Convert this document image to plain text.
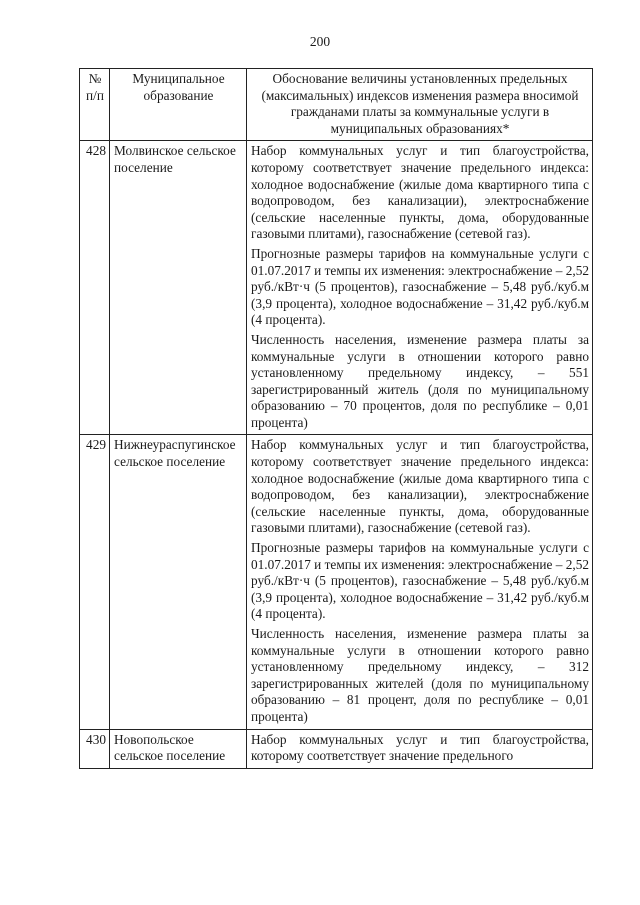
200
№
п/п	Муниципальное образование	Обоснование величины установленных предельных (максимальных) индексов изменения размера вносимой гражданами платы за коммунальные услуги в муниципальных образованиях*
428	Молвинское сельское поселение	Набор коммунальных услуг и тип благоустройства, которому соответствует значение предельного индекса: холодное водоснабжение (жилые дома квартирного типа с водопроводом, без канализации), электроснабжение (сельские населенные пункты, дома, оборудованные газовыми плитами), газоснабжение (сетевой газ).

Прогнозные размеры тарифов на коммунальные услуги с 01.07.2017 и темпы их изменения: электроснабжение – 2,52 руб./кВт·ч (5 процентов), газоснабжение – 5,48 руб./куб.м (3,9 процента), холодное водоснабжение – 31,42 руб./куб.м (4 процента).

Численность населения, изменение размера платы за коммунальные услуги в отношении которого равно установленному предельному индексу, – 551 зарегистрированный житель (доля по муниципальному образованию – 70 процентов, доля по республике – 0,01 процента)

429	Нижнеураспугинское сельское поселение	Набор коммунальных услуг и тип благоустройства, которому соответствует значение предельного индекса: холодное водоснабжение (жилые дома квартирного типа с водопроводом, без канализации), электроснабжение (сельские населенные пункты, дома, оборудованные газовыми плитами), газоснабжение (сетевой газ).

Прогнозные размеры тарифов на коммунальные услуги с 01.07.2017 и темпы их изменения: электроснабжение – 2,52 руб./кВт·ч (5 процентов), газоснабжение – 5,48 руб./куб.м (3,9 процента), холодное водоснабжение – 31,42 руб./куб.м (4 процента).

Численность населения, изменение размера платы за коммунальные услуги в отношении которого равно установленному предельному индексу, – 312 зарегистрированных жителей (доля по муниципальному образованию – 81 процент, доля по республике – 0,01 процента)

430	Новопольское сельское поселение	Набор коммунальных услуг и тип благоустройства, которому соответствует значение предельного
